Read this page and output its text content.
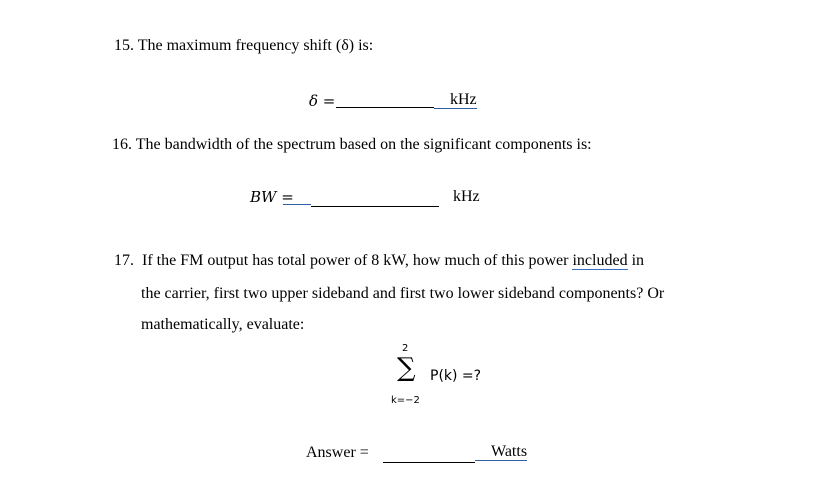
15. The maximum frequency shift (δ) is:
δ =	kHz
16. The bandwidth of the spectrum based on the significant components is:
BW =	kHz
17. If the FM output has total power of 8 kW, how much of this power included in
the carrier, first two upper sideband and first two lower sideband components? Or
mathematically, evaluate:
2
∑
k=−2
P(k) =?
Answer =	Watts
